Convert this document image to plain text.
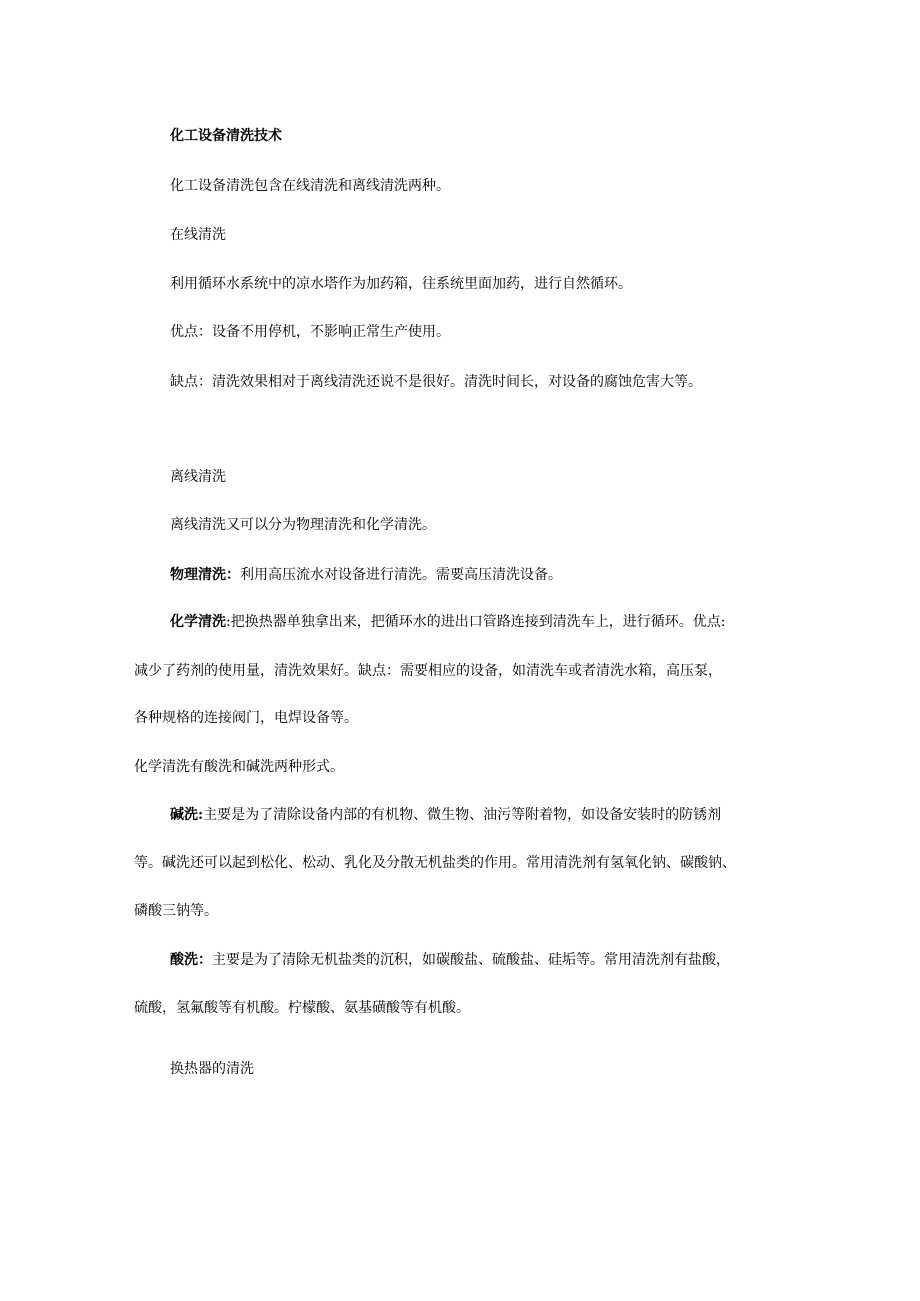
化工设备清洗技术
化工设备清洗包含在线清洗和离线清洗两种。
在线清洗
利用循环水系统中的凉水塔作为加药箱，往系统里面加药，进行自然循环。
优点：设备不用停机，不影响正常生产使用。
缺点：清洗效果相对于离线清洗还说不是很好。清洗时间长，对设备的腐蚀危害大等。
离线清洗
离线清洗又可以分为物理清洗和化学清洗。
物理清洗：利用高压流水对设备进行清洗。需要高压清洗设备。
化学清洗:把换热器单独拿出来，把循环水的进出口管路连接到清洗车上，进行循环。优点:
减少了药剂的使用量，清洗效果好。缺点：需要相应的设备，如清洗车或者清洗水箱，高压泵，
各种规格的连接阀门，电焊设备等。
化学清洗有酸洗和碱洗两种形式。
碱洗:主要是为了清除设备内部的有机物、微生物、油污等附着物，如设备安装时的防锈剂
等。碱洗还可以起到松化、松动、乳化及分散无机盐类的作用。常用清洗剂有氢氧化钠、碳酸钠、
磷酸三钠等。
酸洗：主要是为了清除无机盐类的沉积，如碳酸盐、硫酸盐、硅垢等。常用清洗剂有盐酸，
硫酸，氢氟酸等有机酸。柠檬酸、氨基磺酸等有机酸。
换热器的清洗
